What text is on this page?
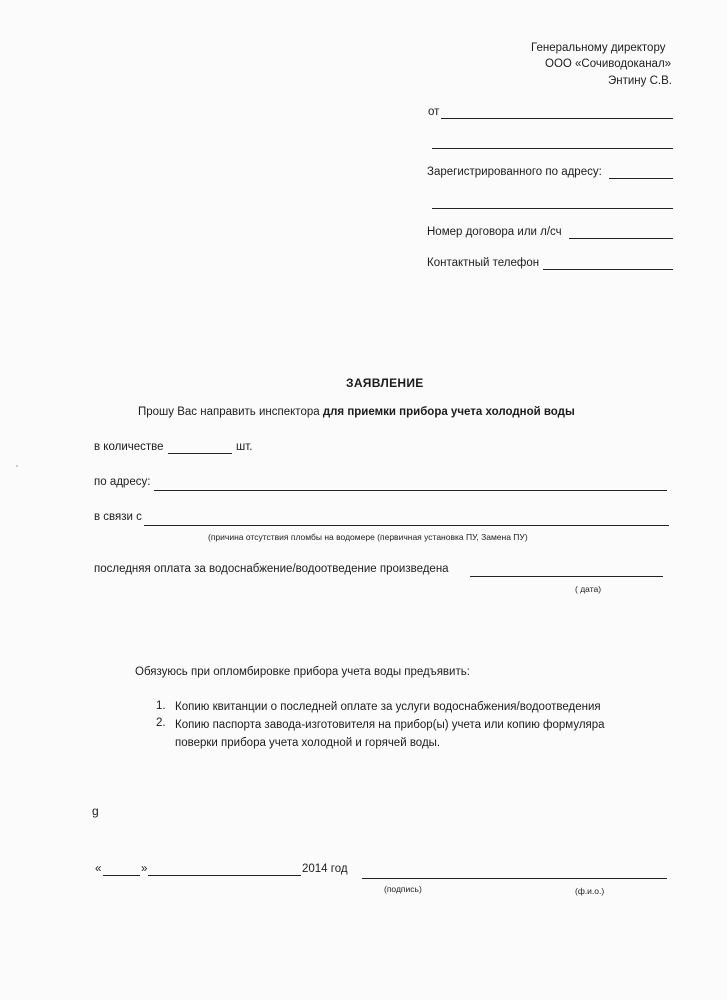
Генеральному директору
ООО «Сочиводоканал»
Энтину С.В.
от
Зарегистрированного по адресу:
Номер договора или л/сч
Контактный телефон
ЗАЯВЛЕНИЕ
Прошу Вас направить инспектора для приемки прибора учета холодной воды
в количестве	шт.
по адресу:
в связи с
(причина отсутствия пломбы на водомере (первичная установка ПУ, Замена ПУ)
последняя оплата за водоснабжение/водоотведение произведена
( дата)
Обязуюсь при опломбировке прибора учета воды предъявить:
1. Копию квитанции о последней оплате за услуги водоснабжения/водоотведения
2. Копию паспорта завода-изготовителя на прибор(ы) учета или копию формуляра
поверки прибора учета холодной и горячей воды.
g
«	»	2014 год
(подпись)	(ф.и.о.)
